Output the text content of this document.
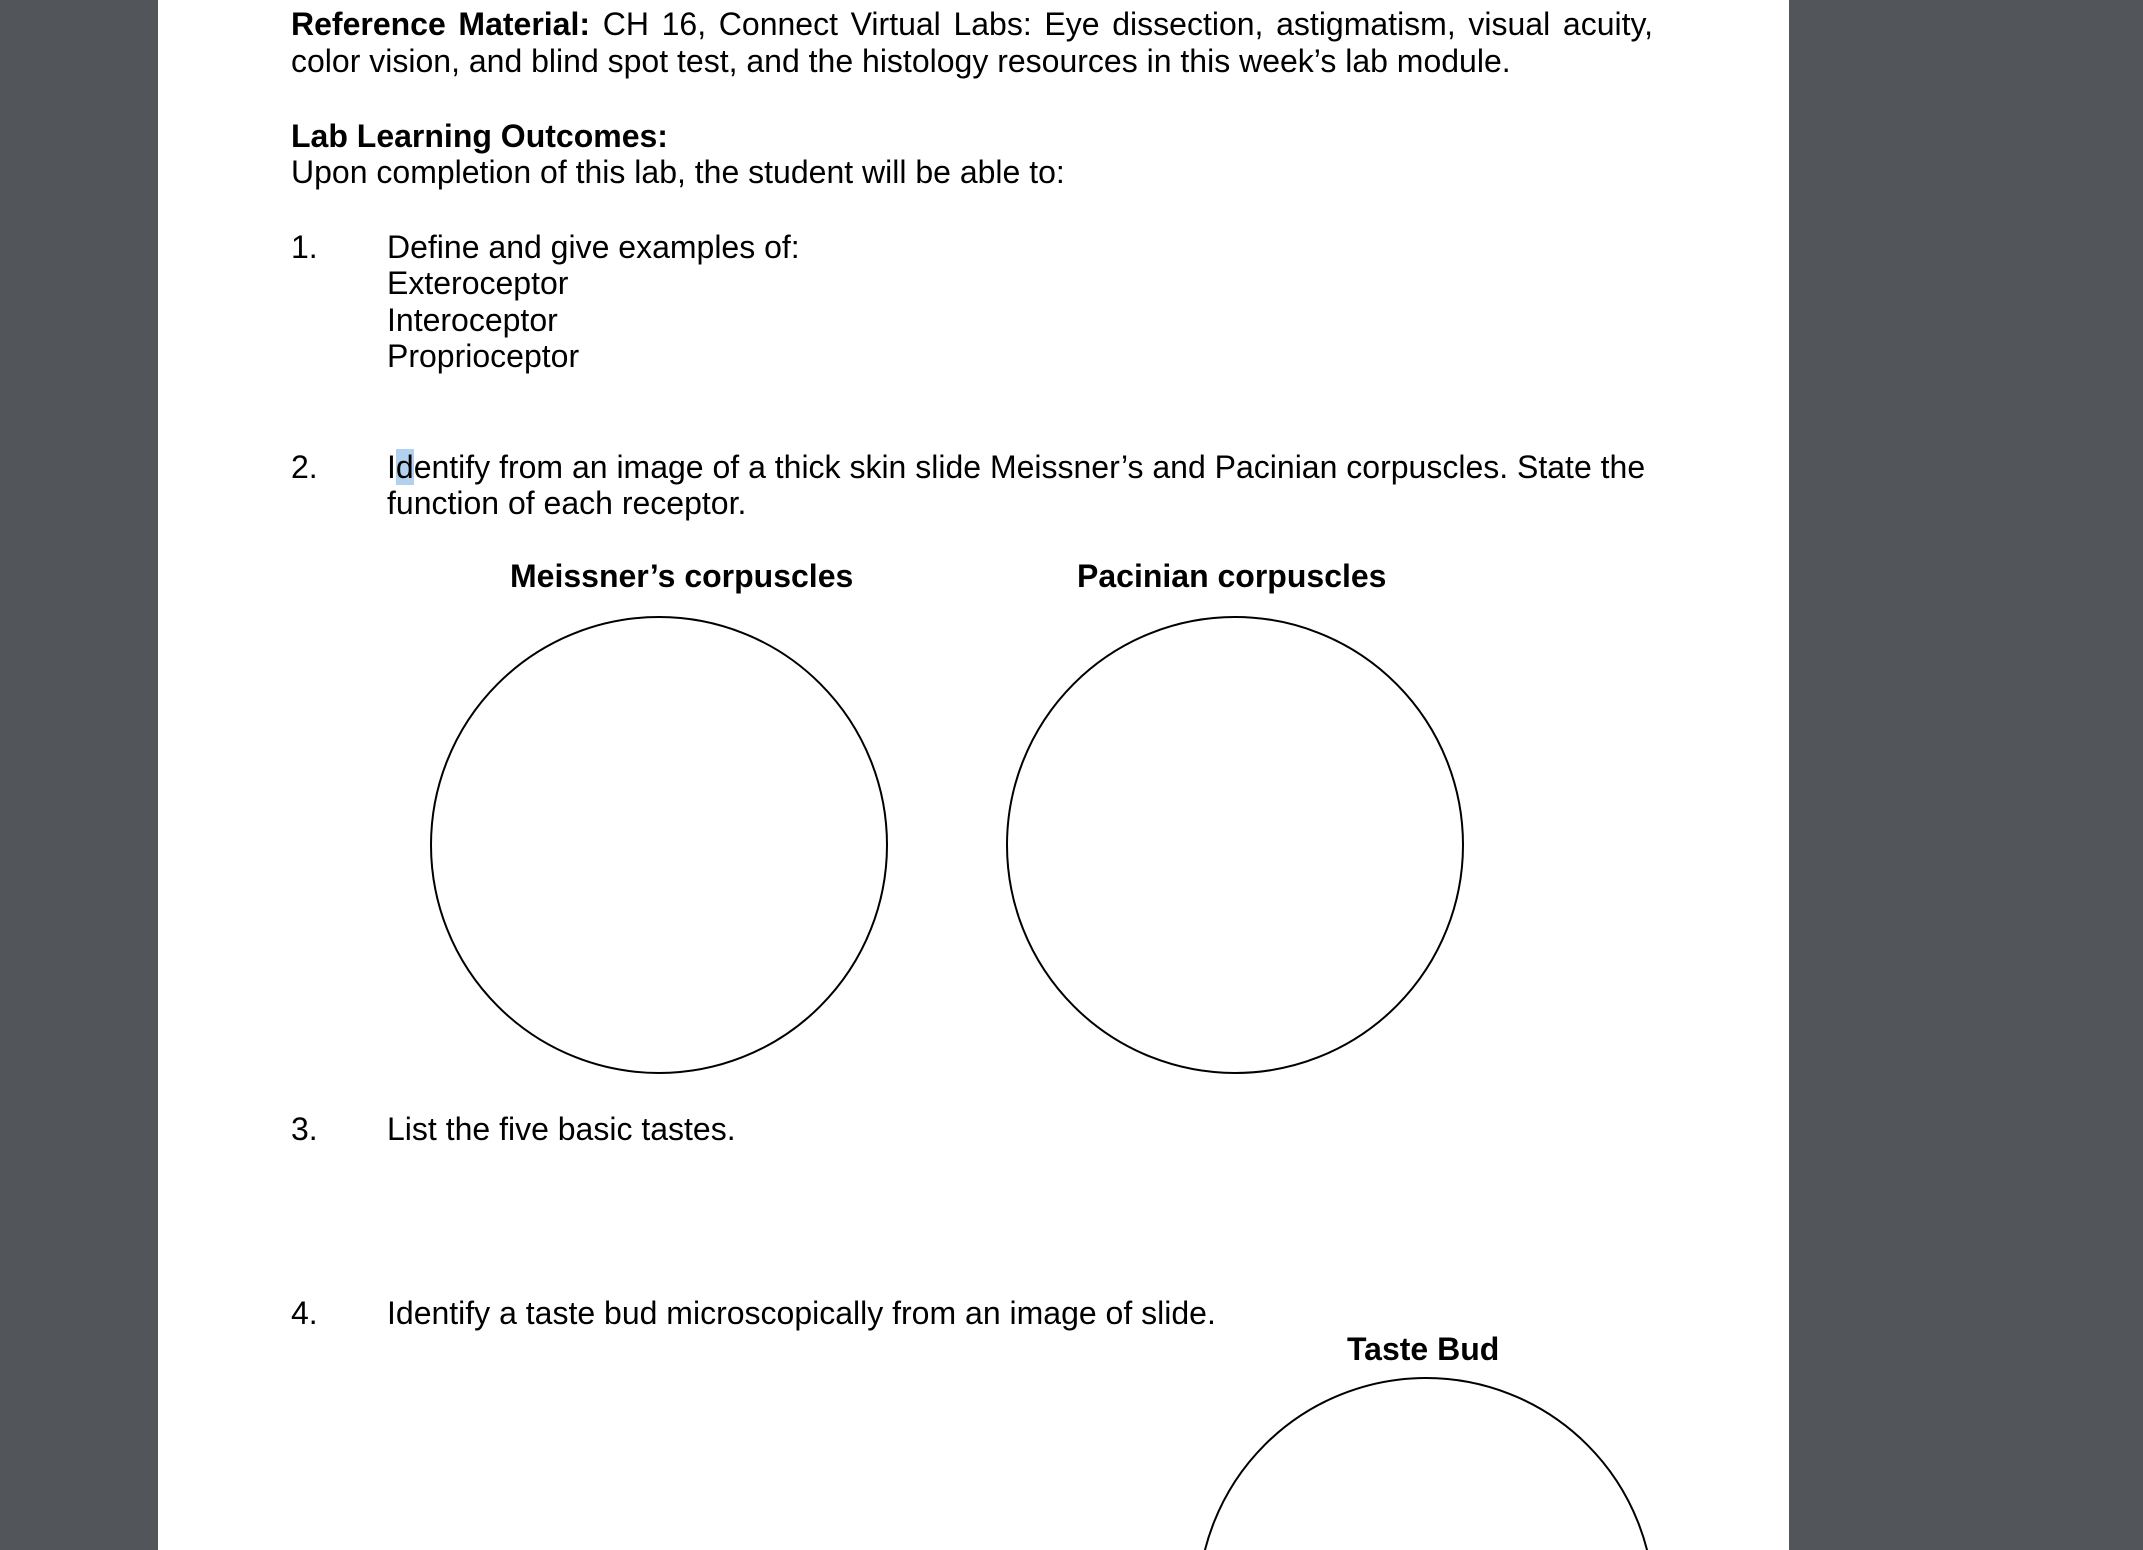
Reference Material: CH 16, Connect Virtual Labs: Eye dissection, astigmatism, visual acuity,
color vision, and blind spot test, and the histology resources in this week’s lab module.
Lab Learning Outcomes:
Upon completion of this lab, the student will be able to:
1. Define and give examples of:
Exteroceptor
Interoceptor
Proprioceptor
2. Identify from an image of a thick skin slide Meissner’s and Pacinian corpuscles. State the
function of each receptor.
Meissner’s corpuscles	Pacinian corpuscles
3. List the five basic tastes.
4. Identify a taste bud microscopically from an image of slide.
Taste Bud
